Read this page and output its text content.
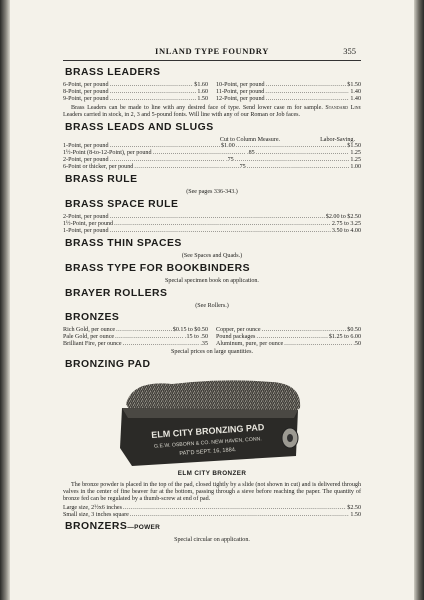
INLAND TYPE FOUNDRY	355
BRASS LEADERS
6-Point, per pound .....	$1.60
8-Point, per pound .....	1.60
9-Point, per pound .....	1.50
10-Point, per pound .....	$1.50
11-Point, per pound .....	1.40
12-Point, per pound .....	1.40
Brass Leaders can be made to line with any desired face of type. Send lower case m for sample. Standard Line Leaders carried in stock, in 2, 3 and 5-pound fonts. Will line with any of our Roman or Job faces.
BRASS LEADS AND SLUGS
Cut to Column Measure.	Labor-Saving.
1-Point, per pound .....	$1.00 .....	$1.50
1½-Point (8-to-12-Point), per pound .....	.85 .....	1.25
2-Point, per pound .....	.75 .....	1.25
6-Point or thicker, per pound .....	.75 .....	1.00
BRASS RULE
(See pages 336-343.)
BRASS SPACE RULE
2-Point, per pound .....	$2.00 to $2.50
1½-Point, per pound .....	2.75 to 3.25
1-Point, per pound .....	3.50 to 4.00
BRASS THIN SPACES
(See Spaces and Quads.)
BRASS TYPE FOR BOOKBINDERS
Special specimen book on application.
BRAYER ROLLERS
(See Rollers.)
BRONZES
Rich Gold, per ounce .....	$0.15 to $0.50
Pale Gold, per ounce .....	.15 to .50
Brilliant Fire, per ounce .....	.35
Copper, per ounce .....	$0.50
Pound packages .....	$1.25 to 6.00
Aluminum, pure, per ounce .....	.50
Special prices on large quantities.
BRONZING PAD
ELM CITY BRONZING PAD
G.E.W. OSBORN & CO. NEW HAVEN, CONN.
PAT'D SEPT. 16, 1884.
ELM CITY BRONZER
The bronze powder is placed in the top of the pad, closed tightly by a slide (not shown in cut) and is delivered through valves in the center of fine beaver fur at the bottom, passing through a sieve before reaching the paper. The quantity of bronze fed can be regulated by a thumb-screw at end of pad.
Large size, 2½x6 inches .....	$2.50
Small size, 3 inches square .....	1.50
BRONZERS—POWER
Special circular on application.
